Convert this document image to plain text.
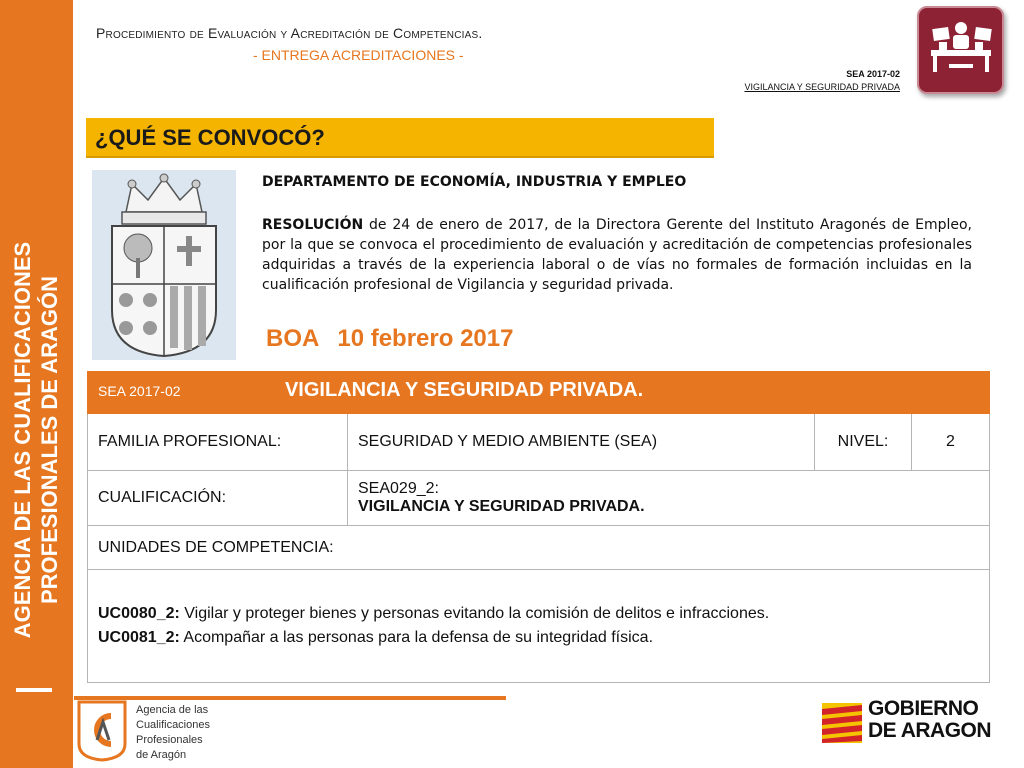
AGENCIA DE LAS CUALIFICACIONES PROFESIONALES DE ARAGÓN
Procedimiento de Evaluación y Acreditación de Competencias.
- ENTREGA ACREDITACIONES -
SEA 2017-02
VIGILANCIA Y SEGURIDAD PRIVADA
¿QUÉ SE CONVOCÓ?
DEPARTAMENTO DE ECONOMÍA, INDUSTRIA Y EMPLEO
RESOLUCIÓN de 24 de enero de 2017, de la Directora Gerente del Instituto Aragonés de Empleo, por la que se convoca el procedimiento de evaluación y acreditación de competencias profesionales adquiridas a través de la experiencia laboral o de vías no formales de formación incluidas en la cualificación profesional de Vigilancia y seguridad privada.
BOA 10 febrero 2017
SEA 2017-02 VIGILANCIA Y SEGURIDAD PRIVADA.			
FAMILIA PROFESIONAL:	SEGURIDAD Y MEDIO AMBIENTE (SEA)	NIVEL:	2
CUALIFICACIÓN:	SEA029_2:
VIGILANCIA Y SEGURIDAD PRIVADA.		

UNIDADES DE COMPETENCIA:			

UC0080_2: Vigilar y proteger bienes y personas evitando la comisión de delitos e infracciones.
UC0081_2: Acompañar a las personas para la defensa de su integridad física.			
Agencia de las
Cualificaciones
Profesionales
de Aragón
GOBIERNO
DE ARAGON
